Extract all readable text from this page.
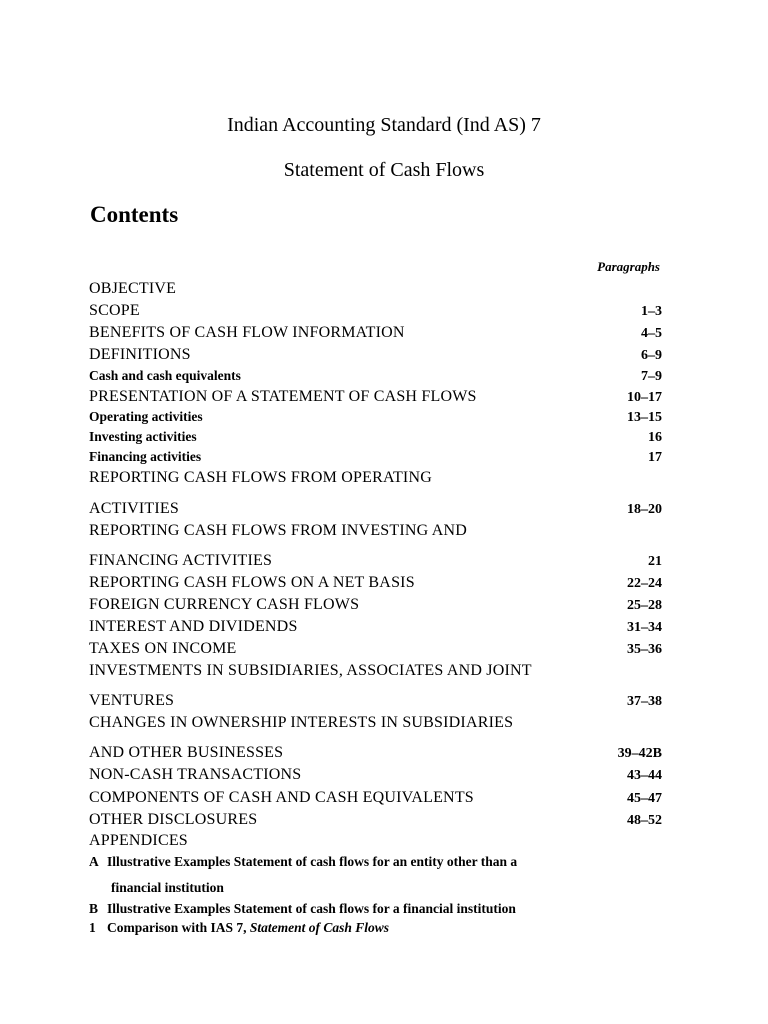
Indian Accounting Standard (Ind AS) 7
Statement of Cash Flows
Contents
Paragraphs
OBJECTIVE
SCOPE	1–3
BENEFITS OF CASH FLOW INFORMATION	4–5
DEFINITIONS	6–9
Cash and cash equivalents	7–9
PRESENTATION OF A STATEMENT OF CASH FLOWS	10–17
Operating activities	13–15
Investing activities	16
Financing activities	17
REPORTING CASH FLOWS FROM OPERATING
ACTIVITIES	18–20
REPORTING CASH FLOWS FROM INVESTING AND
FINANCING ACTIVITIES	21
REPORTING CASH FLOWS ON A NET BASIS	22–24
FOREIGN CURRENCY CASH FLOWS	25–28
INTEREST AND DIVIDENDS	31–34
TAXES ON INCOME	35–36
INVESTMENTS IN SUBSIDIARIES, ASSOCIATES AND JOINT
VENTURES	37–38
CHANGES IN OWNERSHIP INTERESTS IN SUBSIDIARIES
AND OTHER BUSINESSES	39–42B
NON-CASH TRANSACTIONS	43–44
COMPONENTS OF CASH AND CASH EQUIVALENTS	45–47
OTHER DISCLOSURES	48–52
APPENDICES
A Illustrative Examples Statement of cash flows for an entity other than a
financial institution
B Illustrative Examples Statement of cash flows for a financial institution
1 Comparison with IAS 7, Statement of Cash Flows
